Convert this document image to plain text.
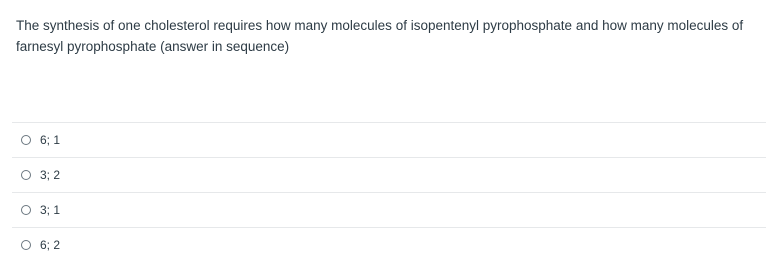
The synthesis of one cholesterol requires how many molecules of isopentenyl pyrophosphate and how many molecules of farnesyl pyrophosphate (answer in sequence)
6; 1
3; 2
3; 1
6; 2
